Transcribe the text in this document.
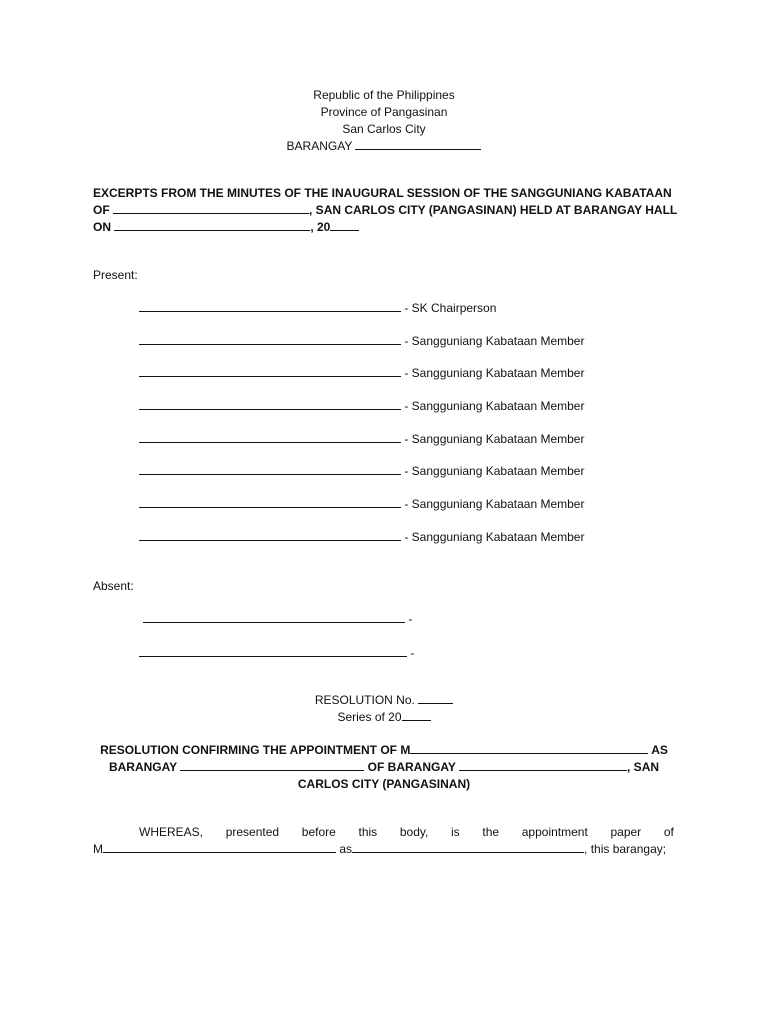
Republic of the Philippines
Province of Pangasinan
San Carlos City
BARANGAY
EXCERPTS FROM THE MINUTES OF THE INAUGURAL SESSION OF THE SANGGUNIANG KABATAAN
OF	, SAN CARLOS CITY (PANGASINAN) HELD AT BARANGAY HALL
ON	, 20
Present:
- SK Chairperson
- Sangguniang Kabataan Member
- Sangguniang Kabataan Member
- Sangguniang Kabataan Member
- Sangguniang Kabataan Member
- Sangguniang Kabataan Member
- Sangguniang Kabataan Member
- Sangguniang Kabataan Member
Absent:
-
-
RESOLUTION No.
Series of 20
RESOLUTION CONFIRMING THE APPOINTMENT OF M	AS
BARANGAY	OF BARANGAY	, SAN
CARLOS CITY (PANGASINAN)
WHEREAS, presented before this body, is the appointment paper of
M	as	, this barangay;
